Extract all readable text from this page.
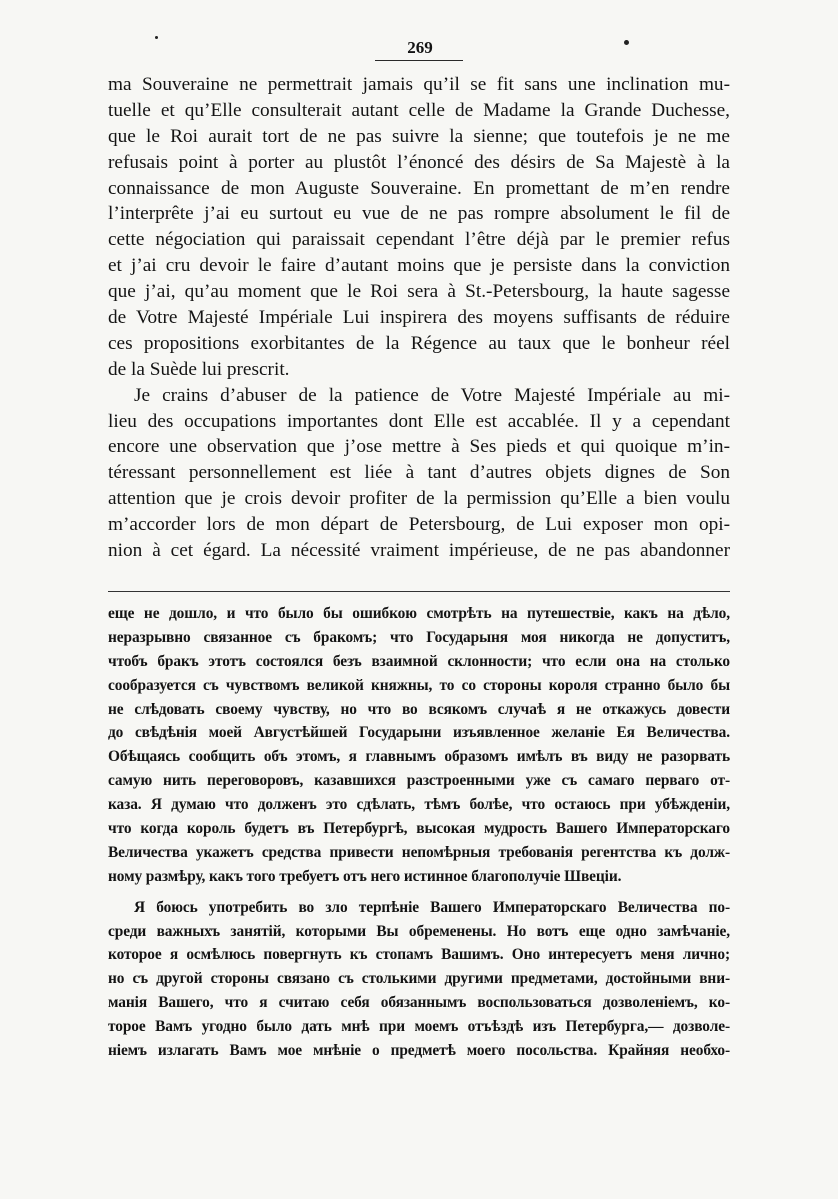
269
ma Souveraine ne permettrait jamais qu’il se fit sans une inclination mu-
tuelle et qu’Elle consulterait autant celle de Madame la Grande Duchesse,
que le Roi aurait tort de ne pas suivre la sienne; que toutefois je ne me
refusais point à porter au plustôt l’énoncé des désirs de Sa Majestè à la
connaissance de mon Auguste Souveraine. En promettant de m’en rendre
l’interprête j’ai eu surtout eu vue de ne pas rompre absolument le fil de
cette négociation qui paraissait cependant l’être déjà par le premier refus
et j’ai cru devoir le faire d’autant moins que je persiste dans la conviction
que j’ai, qu’au moment que le Roi sera à St.-Petersbourg, la haute sagesse
de Votre Majesté Impériale Lui inspirera des moyens suffisants de réduire
ces propositions exorbitantes de la Régence au taux que le bonheur réel
de la Suède lui prescrit.
Je crains d’abuser de la patience de Votre Majesté Impériale au mi-
lieu des occupations importantes dont Elle est accablée. Il y a cependant
encore une observation que j’ose mettre à Ses pieds et qui quoique m’in-
téressant personnellement est liée à tant d’autres objets dignes de Son
attention que je crois devoir profiter de la permission qu’Elle a bien voulu
m’accorder lors de mon départ de Petersbourg, de Lui exposer mon opi-
nion à cet égard. La nécessité vraiment impérieuse, de ne pas abandonner
еще не дошло, и что было бы ошибкою смотрѣть на путешествіе, какъ на дѣло,
неразрывно связанное съ бракомъ; что Государыня моя никогда не допуститъ,
чтобъ бракъ этотъ состоялся безъ взаимной склонности; что если она на столько
сообразуется съ чувствомъ великой княжны, то со стороны короля странно было бы
не слѣдовать своему чувству, но что во всякомъ случаѣ я не откажусь довести
до свѣдѣнія моей Августѣйшей Государыни изъявленное желаніе Ея Величества.
Обѣщаясь сообщить объ этомъ, я главнымъ образомъ имѣлъ въ виду не разорвать
самую нить переговоровъ, казавшихся разстроенными уже съ самаго перваго от-
каза. Я думаю что долженъ это сдѣлать, тѣмъ болѣе, что остаюсь при убѣжденіи,
что когда король будетъ въ Петербургѣ, высокая мудрость Вашего Императорскаго
Величества укажетъ средства привести непомѣрныя требованія регентства къ долж-
ному размѣру, какъ того требуетъ отъ него истинное благополучіе Швеціи.
Я боюсь употребить во зло терпѣніе Вашего Императорскаго Величества по-
среди важныхъ занятій, которыми Вы обременены. Но вотъ еще одно замѣчаніе,
которое я осмѣлюсь повергнуть къ стопамъ Вашимъ. Оно интересуетъ меня лично;
но съ другой стороны связано съ столькими другими предметами, достойными вни-
манія Вашего, что я считаю себя обязаннымъ воспользоваться дозволеніемъ, ко-
торое Вамъ угодно было дать мнѣ при моемъ отъѣздѣ изъ Петербурга,— дозволе-
ніемъ излагать Вамъ мое мнѣніе о предметѣ моего посольства. Крайняя необхо-
